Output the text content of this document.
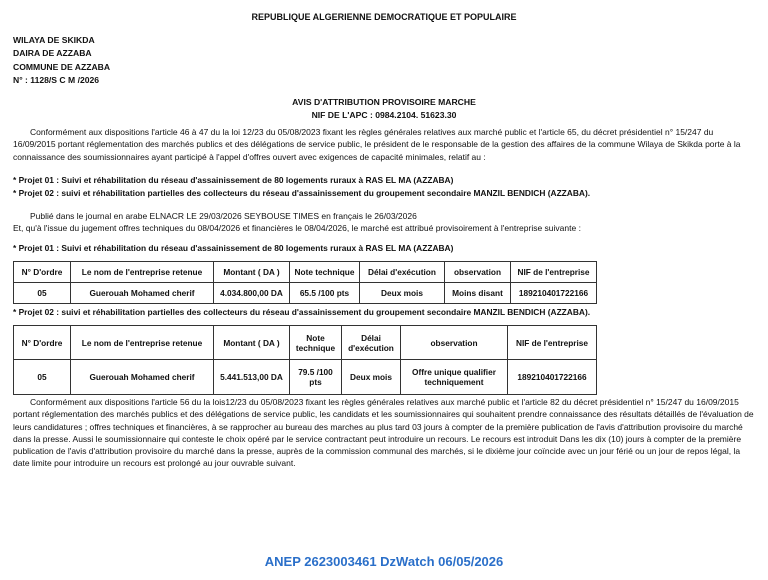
REPUBLIQUE ALGERIENNE DEMOCRATIQUE ET POPULAIRE
WILAYA DE SKIKDA
DAIRA DE AZZABA
COMMUNE DE AZZABA
N° : 1128/S C M /2026
AVIS D'ATTRIBUTION PROVISOIRE MARCHE
NIF DE L'APC : 0984.2104. 51623.30
Conformément aux dispositions l'article 46 à 47 du la loi 12/23 du 05/08/2023 fixant les règles générales relatives aux marché public et l'article 65, du décret présidentiel n° 15/247 du 16/09/2015 portant réglementation des marchés publics et des délégations de service public, le président de le responsable de la gestion des affaires de la commune Wilaya de Skikda porte à la connaissance des soumissionnaires ayant participé à l'appel d'offres ouvert avec exigences de capacité minimales, relatif au :
* Projet 01 : Suivi et réhabilitation du réseau d'assainissement de 80 logements ruraux à RAS EL MA (AZZABA)
* Projet 02 : suivi et réhabilitation partielles des collecteurs du réseau d'assainissement du groupement secondaire MANZIL BENDICH (AZZABA).
Publié dans le journal en arabe ELNACR LE 29/03/2026 SEYBOUSE TIMES en français le 26/03/2026
Et, qu'à l'issue du jugement offres techniques du 08/04/2026 et financières le 08/04/2026, le marché est attribué provisoirement à l'entreprise suivante :
* Projet 01 : Suivi et réhabilitation du réseau d'assainissement de 80 logements ruraux à RAS EL MA (AZZABA)
N° D'ordre	Le nom de l'entreprise retenue	Montant ( DA )	Note technique	Délai d'exécution	observation	NIF de l'entreprise
05	Guerouah Mohamed cherif	4.034.800,00 DA	65.5 /100 pts	Deux mois	Moins disant	189210401722166
* Projet 02 : suivi et réhabilitation partielles des collecteurs du réseau d'assainissement du groupement secondaire MANZIL BENDICH (AZZABA).
N° D'ordre	Le nom de l'entreprise retenue	Montant ( DA )	Note technique	Délai d'exécution	observation	NIF de l'entreprise
05	Guerouah Mohamed cherif	5.441.513,00 DA	79.5 /100 pts	Deux mois	Offre unique qualifier techniquement	189210401722166
Conformément aux dispositions l'article 56 du la lois12/23 du 05/08/2023 fixant les règles générales relatives aux marché public et l'article 82 du décret présidentiel n° 15/247 du 16/09/2015 portant réglementation des marchés publics et des délégations de service public, les candidats et les soumissionnaires qui souhaitent prendre connaissance des résultats détaillés de l'évaluation de leurs candidatures ; offres techniques et financières, à se rapprocher au bureau des marches au plus tard 03 jours à compter de la première publication de l'avis d'attribution provisoire du marché dans la presse. Aussi le soumissionnaire qui conteste le choix opéré par le service contractant peut introduire un recours. Le recours est introduit Dans les dix (10) jours à compter de la première publication de l'avis d'attribution provisoire du marché dans la presse, auprès de la commission communal des marchés, si le dixième jour coïncide avec un jour férié ou un jour de repos légal, la date limite pour introduire un recours est prolongé au jour ouvrable suivant.
ANEP 2623003461 DzWatch 06/05/2026
